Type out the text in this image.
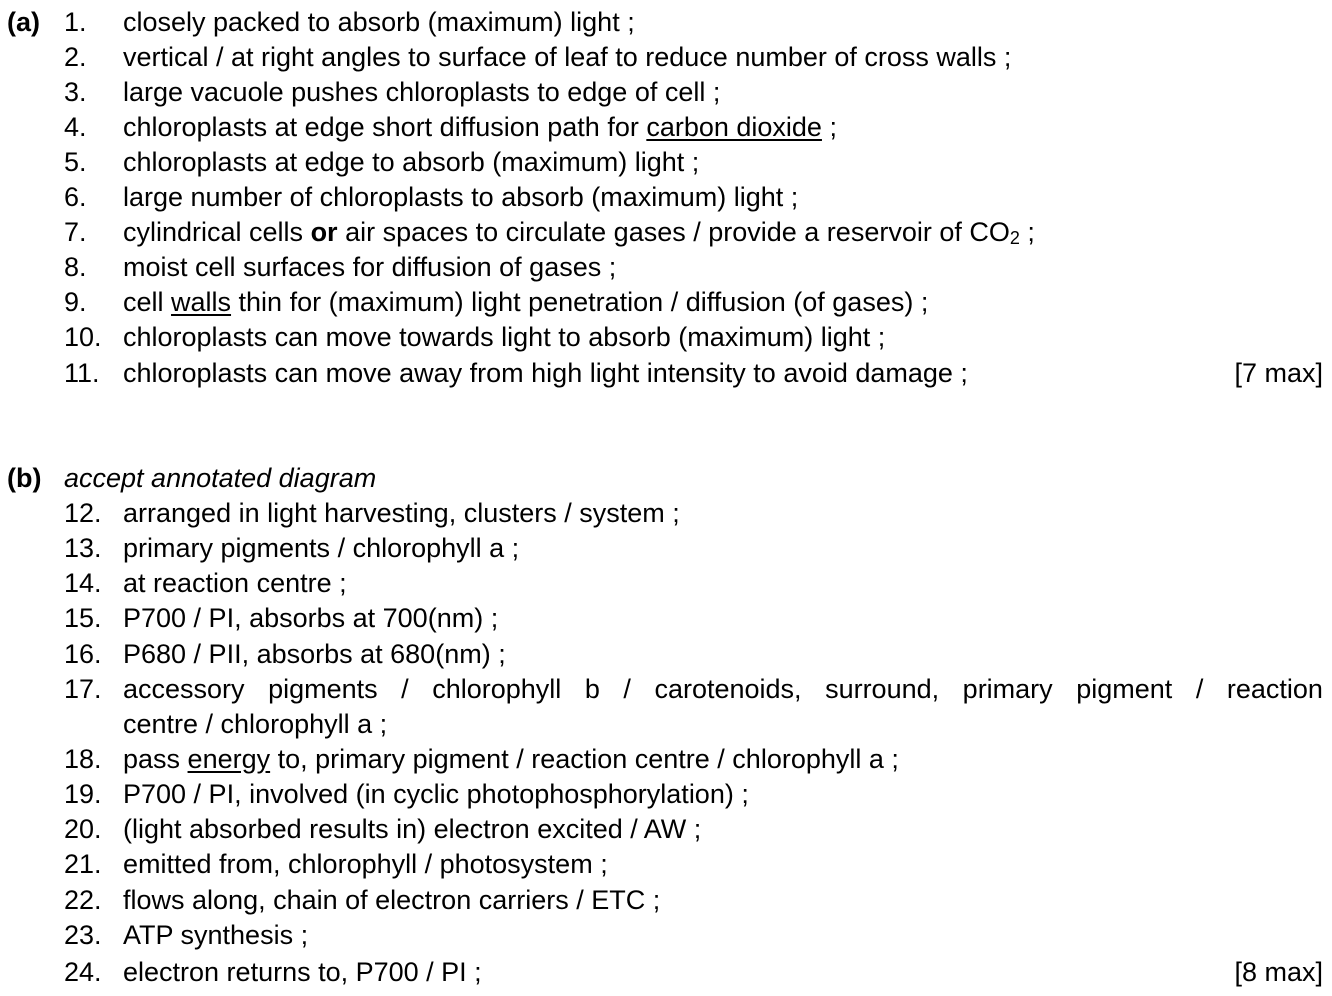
(a) 1. closely packed to absorb (maximum) light ;
2. vertical / at right angles to surface of leaf to reduce number of cross walls ;
3. large vacuole pushes chloroplasts to edge of cell ;
4. chloroplasts at edge short diffusion path for carbon dioxide ;
5. chloroplasts at edge to absorb (maximum) light ;
6. large number of chloroplasts to absorb (maximum) light ;
7. cylindrical cells or air spaces to circulate gases / provide a reservoir of $CO_2$ ;
8. moist cell surfaces for diffusion of gases ;
9. cell walls thin for (maximum) light penetration / diffusion (of gases) ;
10. chloroplasts can move towards light to absorb (maximum) light ;
11. chloroplasts can move away from high light intensity to avoid damage ;	[7 max]
(b) accept annotated diagram
12. arranged in light harvesting, clusters / system ;
13. primary pigments / chlorophyll a ;
14. at reaction centre ;
15. P700 / PI, absorbs at 700(nm) ;
16. P680 / PII, absorbs at 680(nm) ;
17. accessory pigments / chlorophyll b / carotenoids, surround, primary pigment / reaction
centre / chlorophyll a ;
18. pass energy to, primary pigment / reaction centre / chlorophyll a ;
19. P700 / PI, involved (in cyclic photophosphorylation) ;
20. (light absorbed results in) electron excited / AW ;
21. emitted from, chlorophyll / photosystem ;
22. flows along, chain of electron carriers / ETC ;
23. ATP synthesis ;
24. electron returns to, P700 / PI ;	[8 max]
